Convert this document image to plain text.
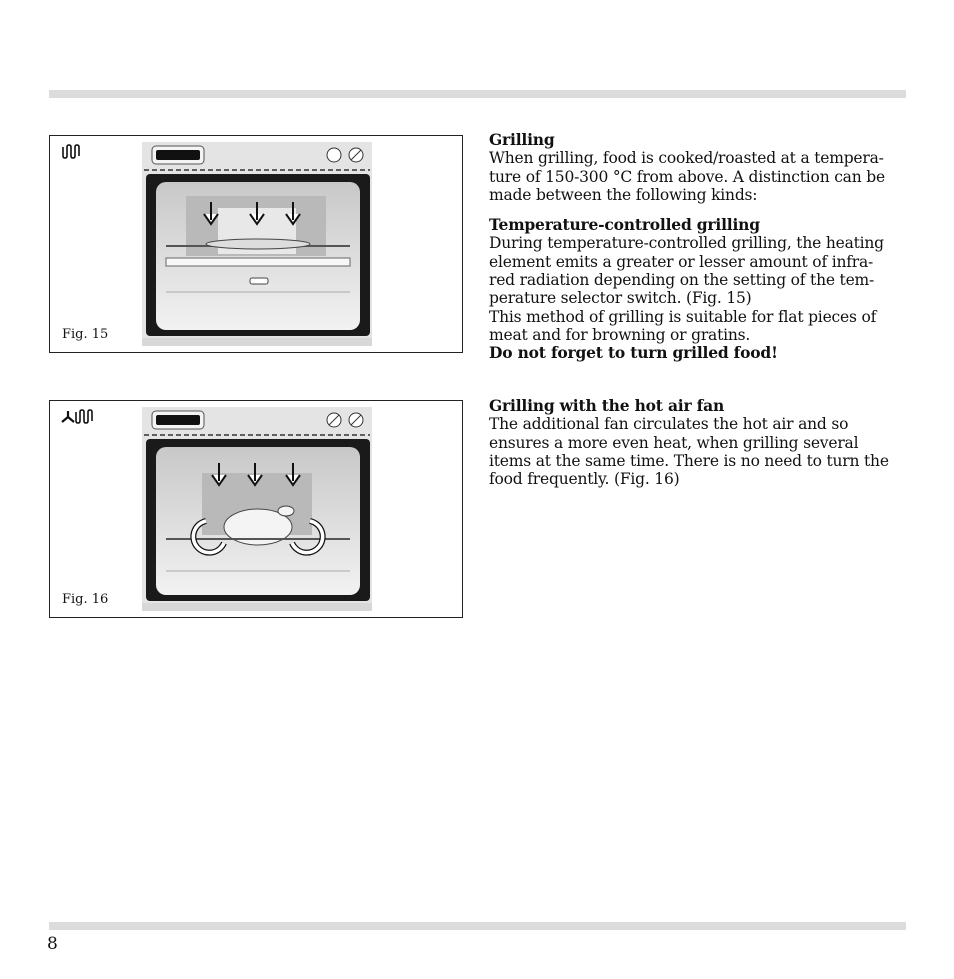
Fig. 15
Fig. 16

Grilling

When grilling, food is cooked/roasted at a tempera-

ture of 150-300 °C from above. A distinction can be

made between the following kinds:

Temperature-controlled grilling

During temperature-controlled grilling, the heating

element emits a greater or lesser amount of infra-

red radiation depending on the setting of the tem-

perature selector switch. (Fig. 15)

This method of grilling is suitable for flat pieces of

meat and for browning or gratins.

Do not forget to turn grilled food!

Grilling with the hot air fan

The additional fan circulates the hot air and so

ensures a more even heat, when grilling several

items at the same time. There is no need to turn the

food frequently. (Fig. 16)

8
